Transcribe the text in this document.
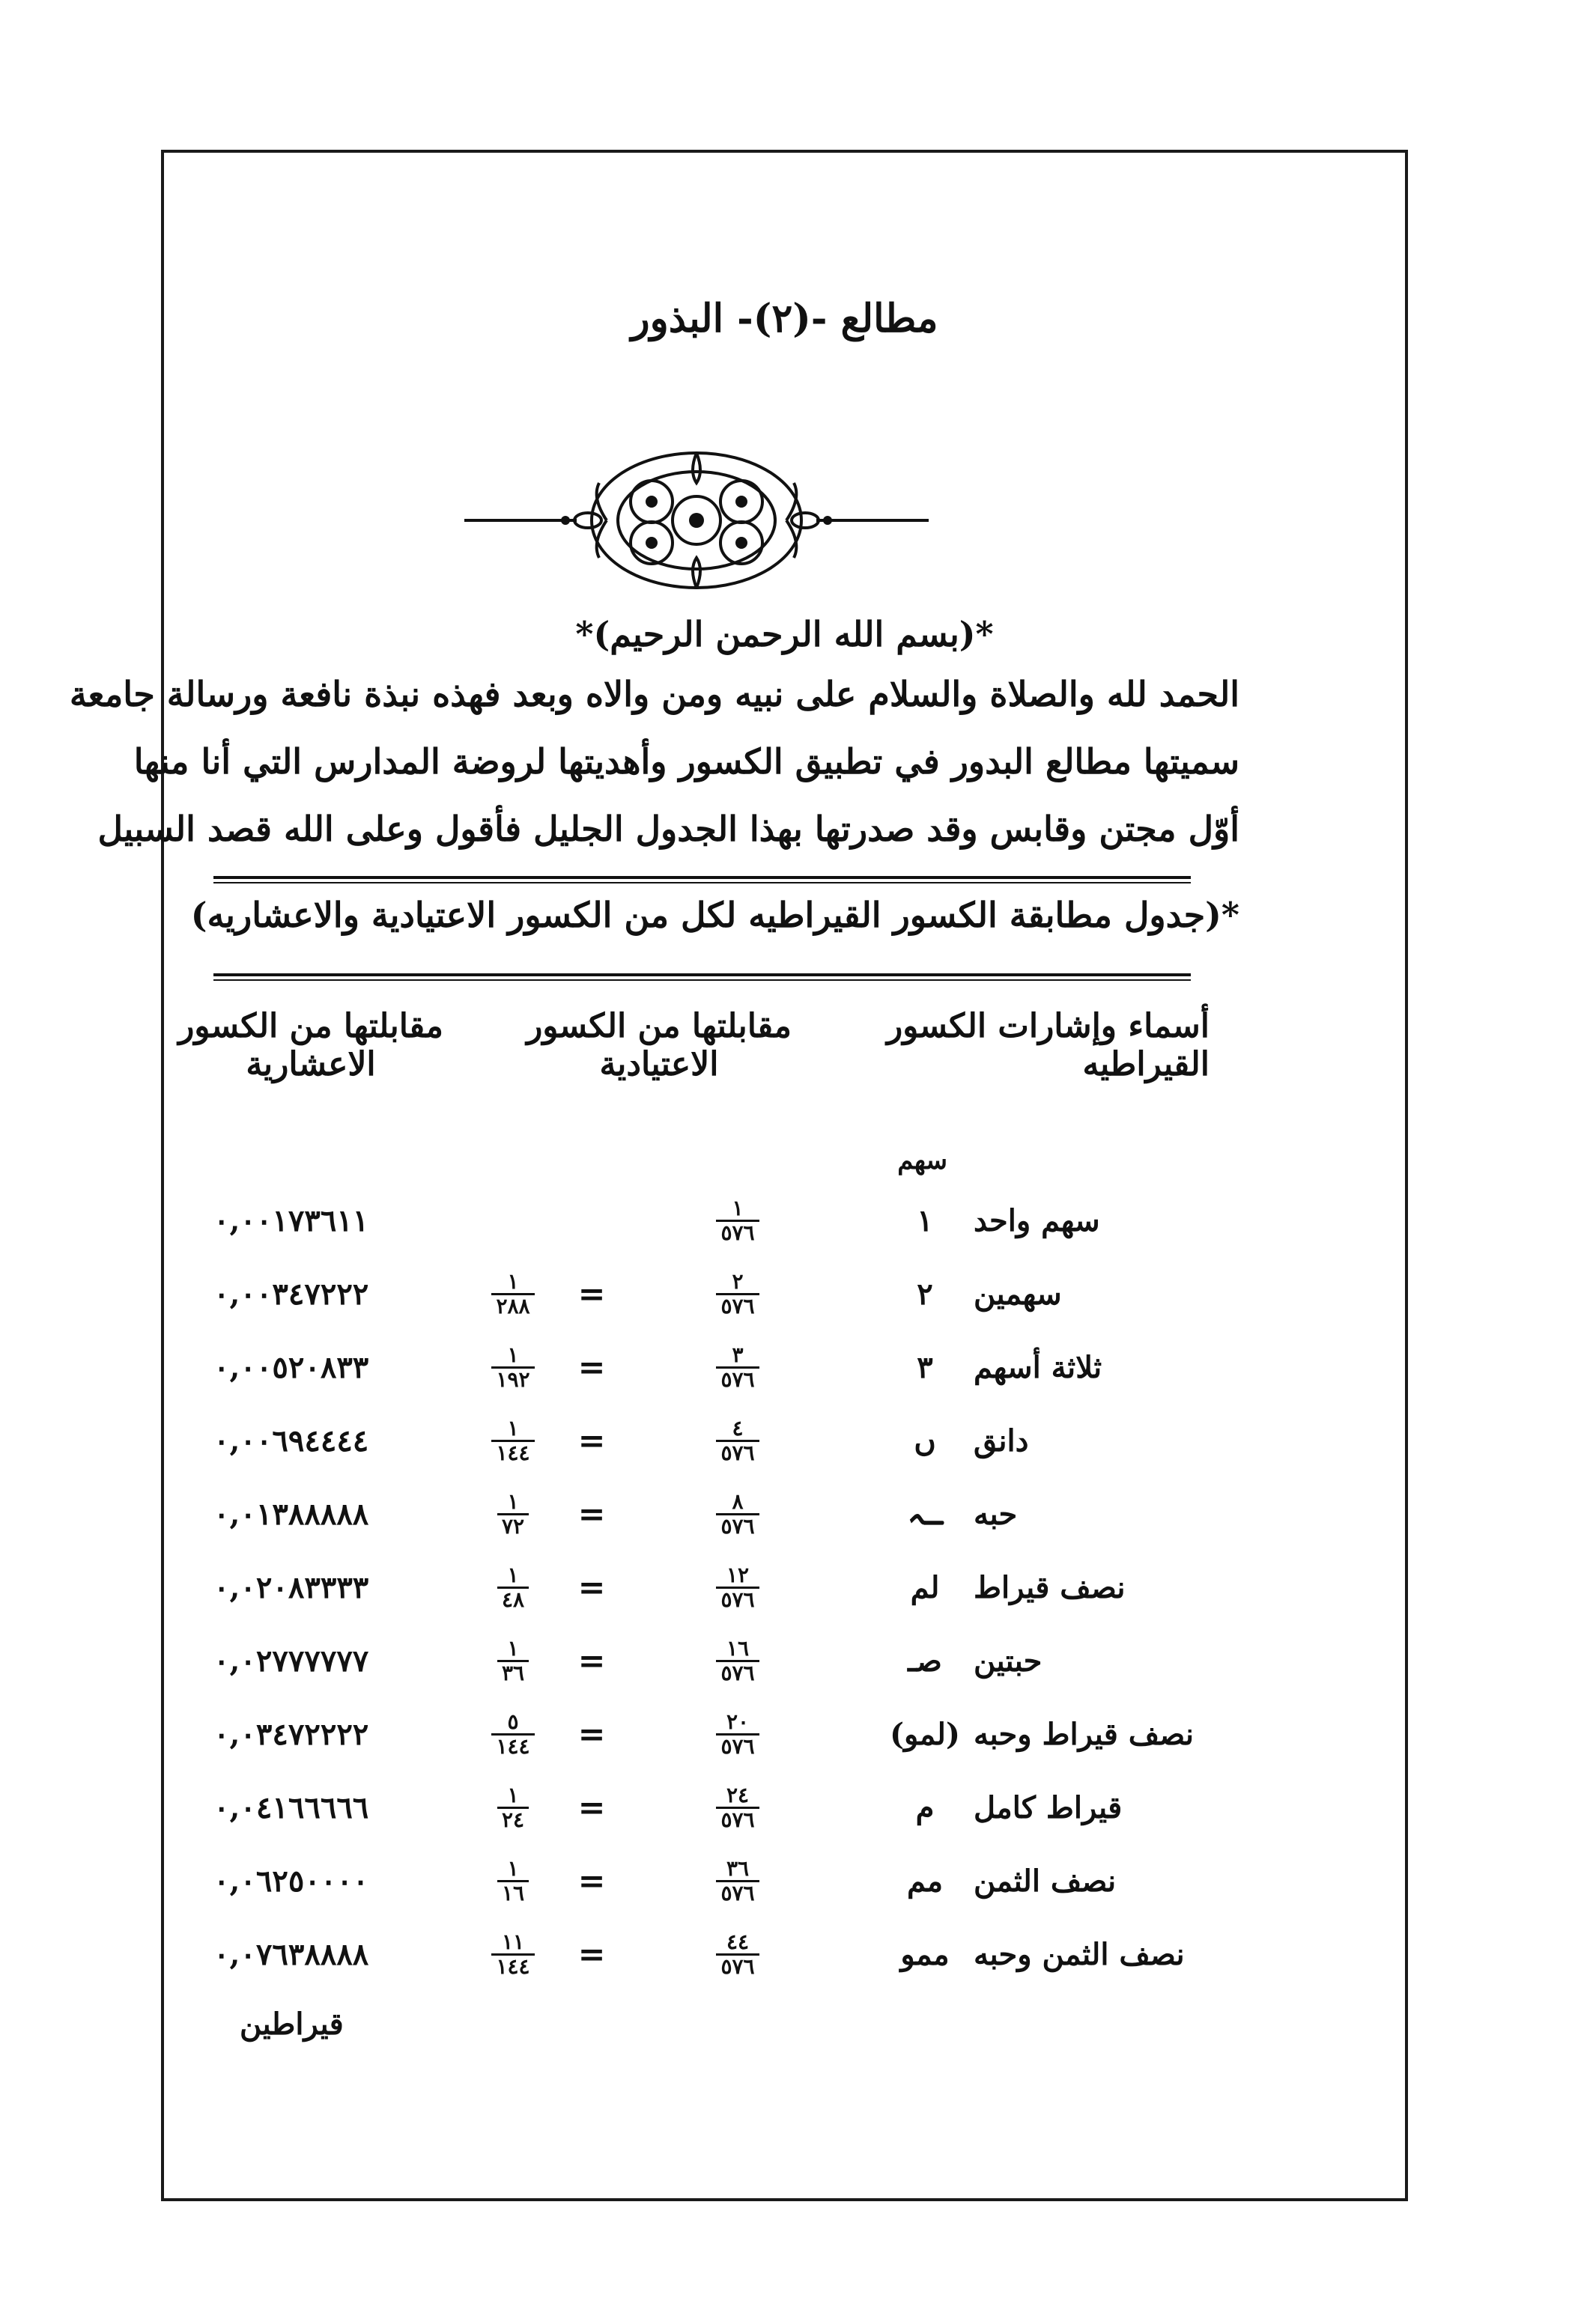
مطالع -(٢)- البذور
*(بسم الله الرحمن الرحيم)*
الحمد لله والصلاة والسلام على نبيه ومن والاه وبعد فهذه نبذة نافعة ورسالة جامعة
سميتها مطالع البدور في تطبيق الكسور وأهديتها لروضة المدارس التي أنا منها
أوّل مجتن وقابس وقد صدرتها بهذا الجدول الجليل فأقول وعلى الله قصد السبيل
*(جدول مطابقة الكسور القيراطيه لكل من الكسور الاعتيادية والاعشاريه)
أسماء وإشارات الكسور
القيراطيه
مقابلتها من الكسور
الاعتيادية
مقابلتها من الكسور
الاعشارية
سهم
سهم واحد
١
$\frac{١}{٥٧٦}$
٠,٠٠١٧٣٦١١
سهمين
٢
$\frac{٢}{٥٧٦}$
=
$\frac{١}{٢٨٨}$
٠,٠٠٣٤٧٢٢٢
ثلاثة أسهم
٣
$\frac{٣}{٥٧٦}$
=
$\frac{١}{١٩٢}$
٠,٠٠٥٢٠٨٣٣
دانق
ں
$\frac{٤}{٥٧٦}$
=
$\frac{١}{١٤٤}$
٠,٠٠٦٩٤٤٤٤
حبه
ـہ
$\frac{٨}{٥٧٦}$
=
$\frac{١}{٧٢}$
٠,٠١٣٨٨٨٨٨
نصف قيراط
لم
$\frac{١٢}{٥٧٦}$
=
$\frac{١}{٤٨}$
٠,٠٢٠٨٣٣٣٣
حبتين
صـ
$\frac{١٦}{٥٧٦}$
=
$\frac{١}{٣٦}$
٠,٠٢٧٧٧٧٧٧
نصف قيراط وحبه
(لمو)
$\frac{٢٠}{٥٧٦}$
=
$\frac{٥}{١٤٤}$
٠,٠٣٤٧٢٢٢٢
قيراط كامل
م
$\frac{٢٤}{٥٧٦}$
=
$\frac{١}{٢٤}$
٠,٠٤١٦٦٦٦٦
نصف الثمن
مم
$\frac{٣٦}{٥٧٦}$
=
$\frac{١}{١٦}$
٠,٠٦٢٥٠٠٠٠
نصف الثمن وحبه
ممو
$\frac{٤٤}{٥٧٦}$
=
$\frac{١١}{١٤٤}$
٠,٠٧٦٣٨٨٨٨
قيراطين
